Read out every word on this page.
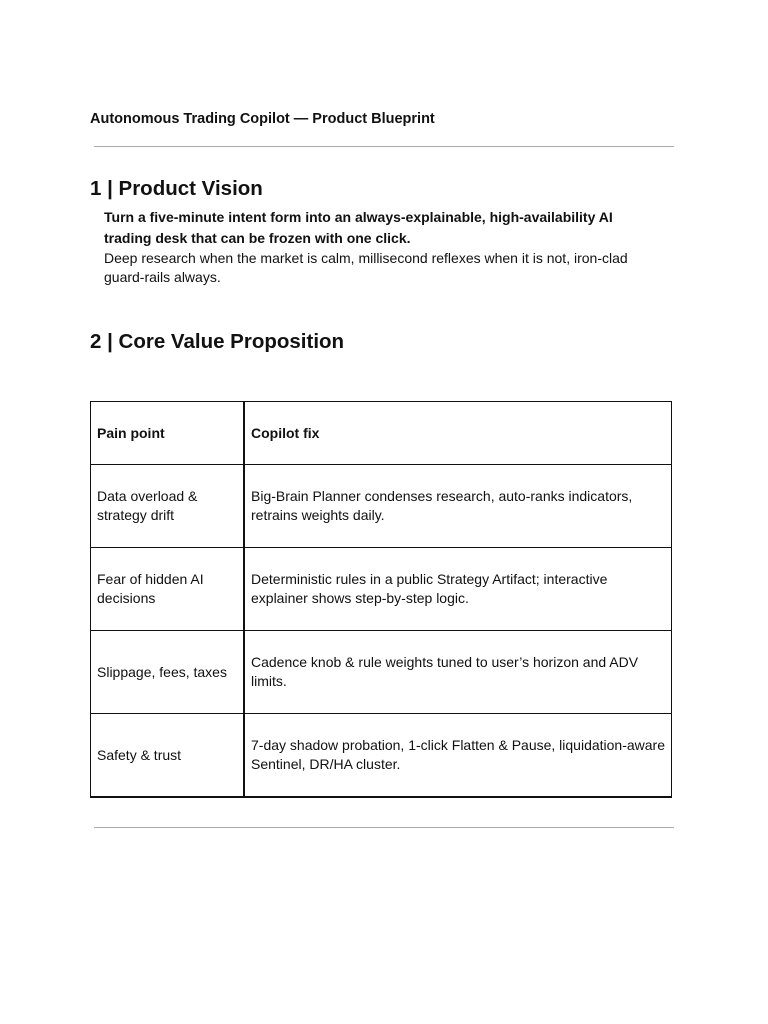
Autonomous Trading Copilot — Product Blueprint
1 | Product Vision

Turn a five-minute intent form into an always-explainable, high-availability AI trading desk that can be frozen with one click.

Deep research when the market is calm, millisecond reflexes when it is not, iron-clad guard-rails always.

2 | Core Value Proposition
Pain point	Copilot fix
Data overload & strategy drift	Big-Brain Planner condenses research, auto-ranks indicators, retrains weights daily.
Fear of hidden AI decisions	Deterministic rules in a public Strategy Artifact; interactive explainer shows step-by-step logic.
Slippage, fees, taxes	Cadence knob & rule weights tuned to user’s horizon and ADV limits.
Safety & trust	7-day shadow probation, 1-click Flatten & Pause, liquidation-aware Sentinel, DR/HA cluster.
